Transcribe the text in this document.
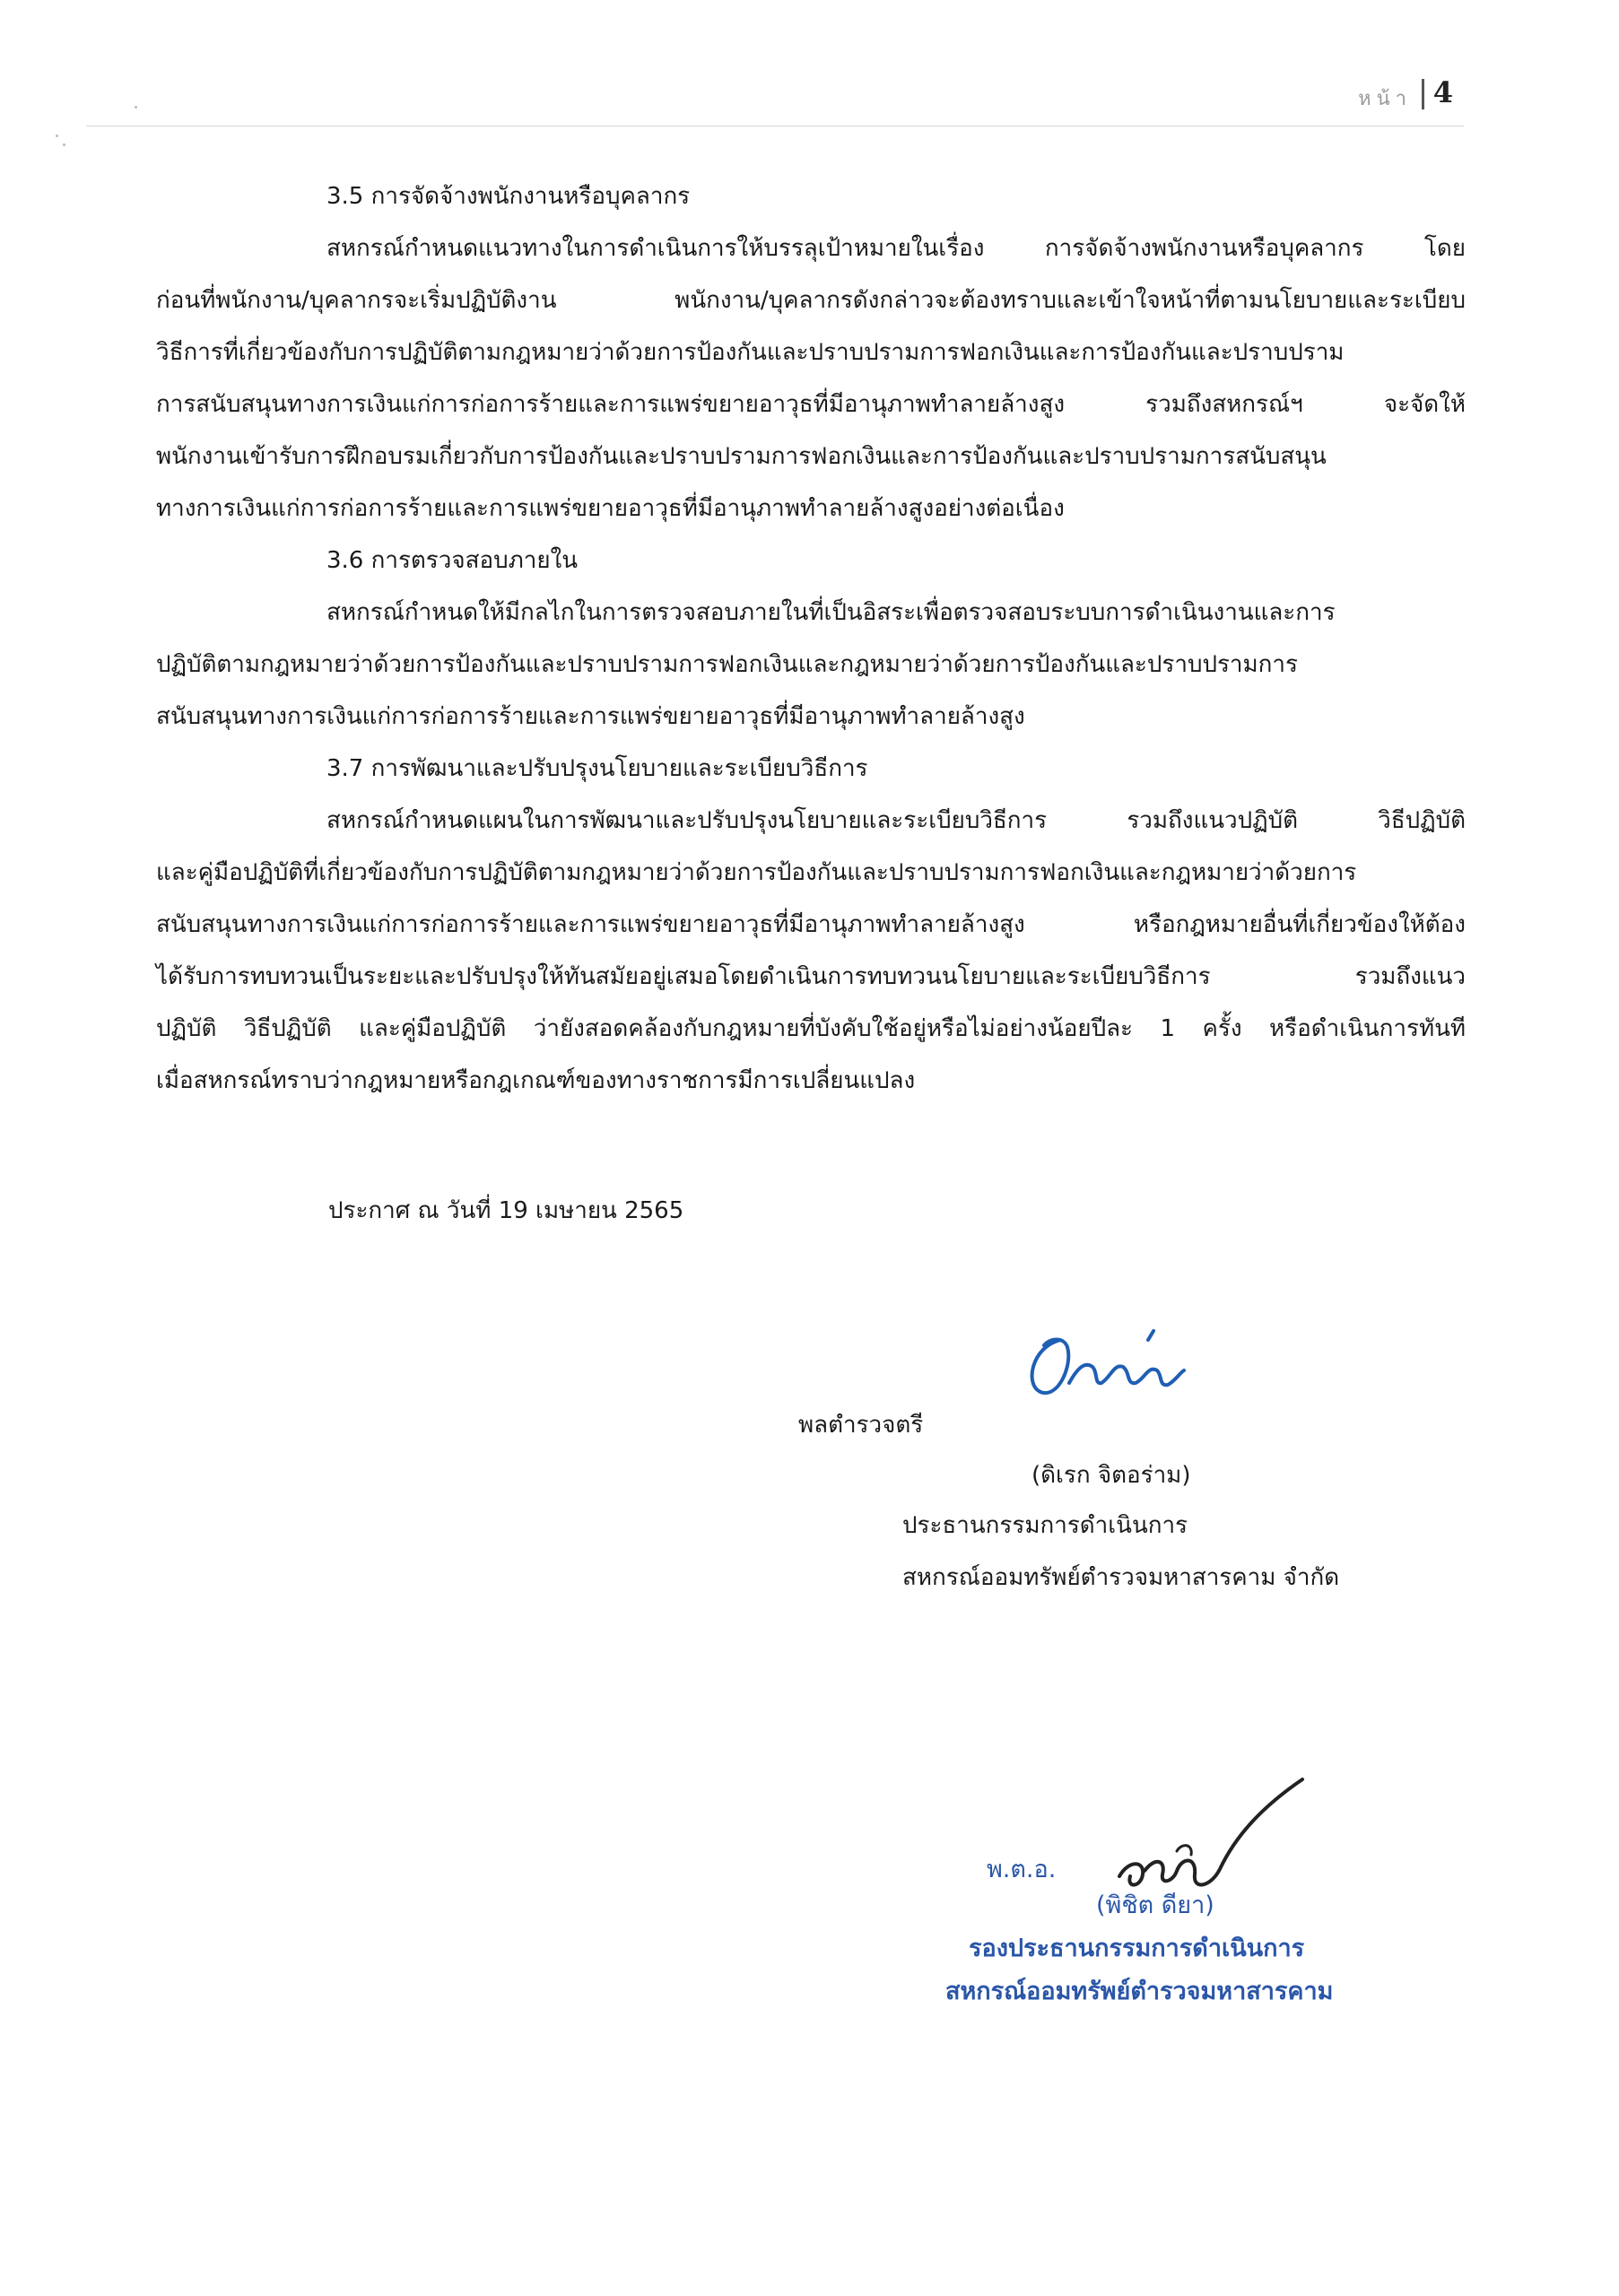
หน้า 4
3.5 การจัดจ้างพนักงานหรือบุคลากร
สหกรณ์กำหนดแนวทางในการดำเนินการให้บรรลุเป้าหมายในเรื่อง การจัดจ้างพนักงานหรือบุคลากร โดย
ก่อนที่พนักงาน/บุคลากรจะเริ่มปฏิบัติงาน พนักงาน/บุคลากรดังกล่าวจะต้องทราบและเข้าใจหน้าที่ตามนโยบายและระเบียบ
วิธีการที่เกี่ยวข้องกับการปฏิบัติตามกฎหมายว่าด้วยการป้องกันและปราบปรามการฟอกเงินและการป้องกันและปราบปราม
การสนับสนุนทางการเงินแก่การก่อการร้ายและการแพร่ขยายอาวุธที่มีอานุภาพทำลายล้างสูง รวมถึงสหกรณ์ฯ จะจัดให้
พนักงานเข้ารับการฝึกอบรมเกี่ยวกับการป้องกันและปราบปรามการฟอกเงินและการป้องกันและปราบปรามการสนับสนุน
ทางการเงินแก่การก่อการร้ายและการแพร่ขยายอาวุธที่มีอานุภาพทำลายล้างสูงอย่างต่อเนื่อง
3.6 การตรวจสอบภายใน
สหกรณ์กำหนดให้มีกลไกในการตรวจสอบภายในที่เป็นอิสระเพื่อตรวจสอบระบบการดำเนินงานและการ
ปฏิบัติตามกฎหมายว่าด้วยการป้องกันและปราบปรามการฟอกเงินและกฎหมายว่าด้วยการป้องกันและปราบปรามการ
สนับสนุนทางการเงินแก่การก่อการร้ายและการแพร่ขยายอาวุธที่มีอานุภาพทำลายล้างสูง
3.7 การพัฒนาและปรับปรุงนโยบายและระเบียบวิธีการ
สหกรณ์กำหนดแผนในการพัฒนาและปรับปรุงนโยบายและระเบียบวิธีการ รวมถึงแนวปฏิบัติ วิธีปฏิบัติ
และคู่มือปฏิบัติที่เกี่ยวข้องกับการปฏิบัติตามกฎหมายว่าด้วยการป้องกันและปราบปรามการฟอกเงินและกฎหมายว่าด้วยการ
สนับสนุนทางการเงินแก่การก่อการร้ายและการแพร่ขยายอาวุธที่มีอานุภาพทำลายล้างสูง หรือกฎหมายอื่นที่เกี่ยวข้องให้ต้อง
ได้รับการทบทวนเป็นระยะและปรับปรุงให้ทันสมัยอยู่เสมอโดยดำเนินการทบทวนนโยบายและระเบียบวิธีการ รวมถึงแนว
ปฏิบัติ วิธีปฏิบัติ และคู่มือปฏิบัติ ว่ายังสอดคล้องกับกฎหมายที่บังคับใช้อยู่หรือไม่อย่างน้อยปีละ 1 ครั้ง หรือดำเนินการทันที
เมื่อสหกรณ์ทราบว่ากฎหมายหรือกฎเกณฑ์ของทางราชการมีการเปลี่ยนแปลง
ประกาศ ณ วันที่ 19 เมษายน 2565
พลตำรวจตรี
(ดิเรก จิตอร่าม)
ประธานกรรมการดำเนินการ
สหกรณ์ออมทรัพย์ตำรวจมหาสารคาม จำกัด
พ.ต.อ.
(พิชิต ดียา)
รองประธานกรรมการดำเนินการ
สหกรณ์ออมทรัพย์ตำรวจมหาสารคาม
